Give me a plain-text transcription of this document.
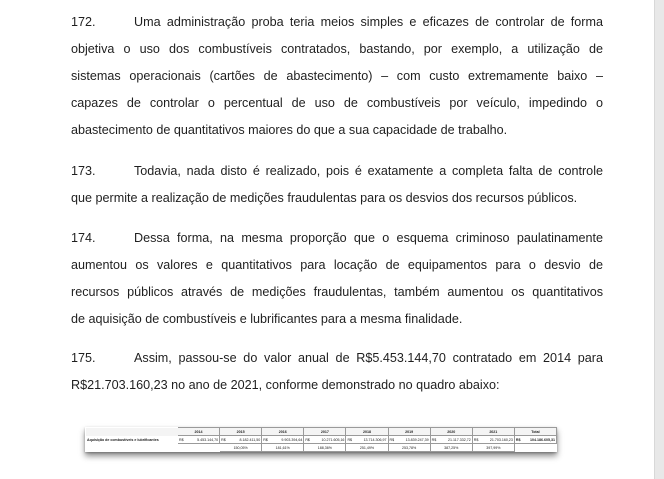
172.	Uma administração proba teria meios simples e eficazes de controlar de forma
objetiva o uso dos combustíveis contratados, bastando, por exemplo, a utilização de
sistemas operacionais (cartões de abastecimento) – com custo extremamente baixo –
capazes de controlar o percentual de uso de combustíveis por veículo, impedindo o
abastecimento de quantitativos maiores do que a sua capacidade de trabalho.
173.	Todavia, nada disto é realizado, pois é exatamente a completa falta de controle
que permite a realização de medições fraudulentas para os desvios dos recursos públicos.
174.	Dessa forma, na mesma proporção que o esquema criminoso paulatinamente
aumentou os valores e quantitativos para locação de equipamentos para o desvio de
recursos públicos através de medições fraudulentas, também aumentou os quantitativos
de aquisição de combustíveis e lubrificantes para a mesma finalidade.
175.	Assim, passou-se do valor anual de R$5.453.144,70 contratado em 2014 para
R$21.703.160,23 no ano de 2021, conforme demonstrado no quadro abaixo:
	2014		2015		2016		2017		2018		2019		2020		2021		Total	
Aquisição de combustíveis e lubrificantes	R$	5.453.144,70	R$	8.182.411,50	R$	9.903.394,64	R$	10.271.605,16	R$	13.714.306,97	R$	13.839.247,39	R$	21.117.332,72	R$	21.703.160,23	R$	104.186.605,31
			150,05%		181,61%		188,36%		251,49%		253,78%		387,25%		397,99%			
